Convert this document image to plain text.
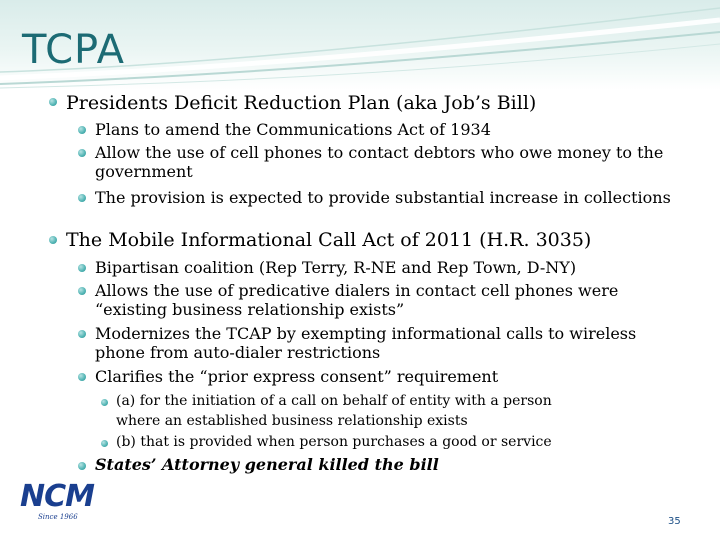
TCPA
Presidents Deficit Reduction Plan (aka Job’s Bill)
Plans to amend the Communications Act of 1934
Allow the use of cell phones to contact debtors who owe money to the
government
The provision is expected to provide substantial increase in collections
The Mobile Informational Call Act of 2011 (H.R. 3035)
Bipartisan coalition (Rep Terry, R-NE and Rep Town, D-NY)
Allows the use of predicative dialers in contact cell phones were
“existing business relationship exists”
Modernizes the TCAP by exempting informational calls to wireless
phone from auto-dialer restrictions
Clarifies the “prior express consent” requirement
(a) for the initiation of a call on behalf of entity with a person
where an established business relationship exists
(b) that is provided when person purchases a good or service
States’ Attorney general killed the bill
NCM
Since 1966	35
